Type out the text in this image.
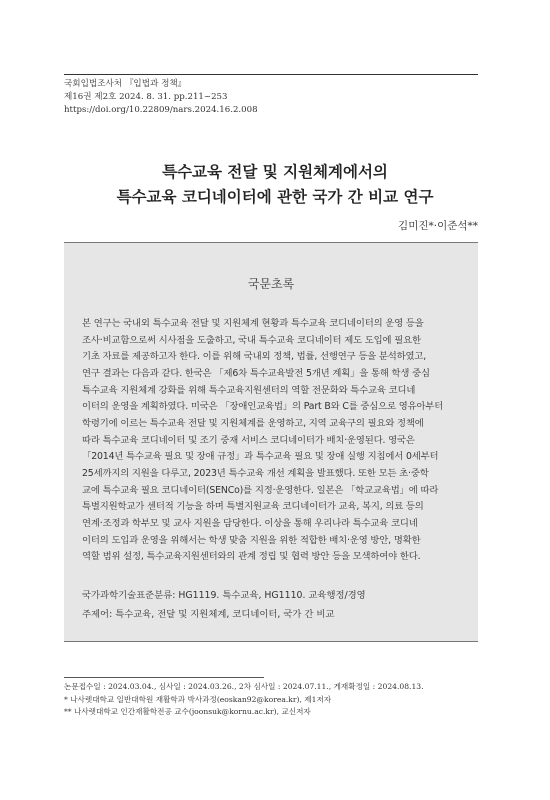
국회입법조사처 『입법과 정책』
제16권 제2호 2024. 8. 31. pp.211~253
https://doi.org/10.22809/nars.2024.16.2.008
특수교육 전달 및 지원체계에서의
특수교육 코디네이터에 관한 국가 간 비교 연구
김미진*·이준석**
국문초록
본 연구는 국내외 특수교육 전달 및 지원체계 현황과 특수교육 코디네이터의 운영 등을
조사·비교함으로써 시사점을 도출하고, 국내 특수교육 코디네이터 제도 도입에 필요한
기초 자료를 제공하고자 한다. 이를 위해 국내외 정책, 법률, 선행연구 등을 분석하였고,
연구 결과는 다음과 같다. 한국은 「제6차 특수교육발전 5개년 계획」을 통해 학생 중심
특수교육 지원체계 강화를 위해 특수교육지원센터의 역할 전문화와 특수교육 코디네
이터의 운영을 계획하였다. 미국은 「장애인교육법」의 Part B와 C를 중심으로 영유아부터
학령기에 이르는 특수교육 전달 및 지원체계를 운영하고, 지역 교육구의 필요와 정책에
따라 특수교육 코디네이터 및 조기 중재 서비스 코디네이터가 배치·운영된다. 영국은
「2014년 특수교육 필요 및 장애 규정」과 특수교육 필요 및 장애 실행 지침에서 0세부터
25세까지의 지원을 다루고, 2023년 특수교육 개선 계획을 발표했다. 또한 모든 초·중학
교에 특수교육 필요 코디네이터(SENCo)를 지정·운영한다. 일본은 「학교교육법」에 따라
특별지원학교가 센터적 기능을 하며 특별지원교육 코디네이터가 교육, 복지, 의료 등의
연계·조정과 학부모 및 교사 지원을 담당한다. 이상을 통해 우리나라 특수교육 코디네
이터의 도입과 운영을 위해서는 학생 맞춤 지원을 위한 적합한 배치·운영 방안, 명확한
역할 범위 설정, 특수교육지원센터와의 관계 정립 및 협력 방안 등을 모색하여야 한다.
국가과학기술표준분류: HG1119. 특수교육, HG1110. 교육행정/경영
주제어: 특수교육, 전달 및 지원체계, 코디네이터, 국가 간 비교
논문접수일 : 2024.03.04., 심사일 : 2024.03.26., 2차 심사일 : 2024.07.11., 게재확정일 : 2024.08.13.
* 나사렛대학교 일반대학원 재활학과 박사과정(eoskan92@korea.kr), 제1저자
** 나사렛대학교 인간재활학전공 교수(joonsuk@kornu.ac.kr), 교신저자
